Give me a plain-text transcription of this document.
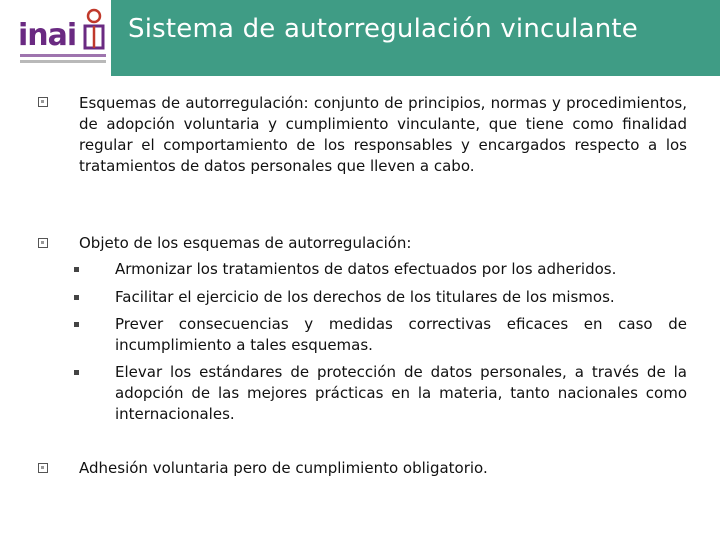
inai Sistema de autorregulación vinculante
Esquemas de autorregulación: conjunto de principios, normas y procedimientos, de adopción voluntaria y cumplimiento vinculante, que tiene como finalidad regular el comportamiento de los responsables y encargados respecto a los tratamientos de datos personales que lleven a cabo.
Objeto de los esquemas de autorregulación:
Armonizar los tratamientos de datos efectuados por los adheridos.
Facilitar el ejercicio de los derechos de los titulares de los mismos.
Prever consecuencias y medidas correctivas eficaces en caso de incumplimiento a tales esquemas.
Elevar los estándares de protección de datos personales, a través de la adopción de las mejores prácticas en la materia, tanto nacionales como internacionales.
Adhesión voluntaria pero de cumplimiento obligatorio.
